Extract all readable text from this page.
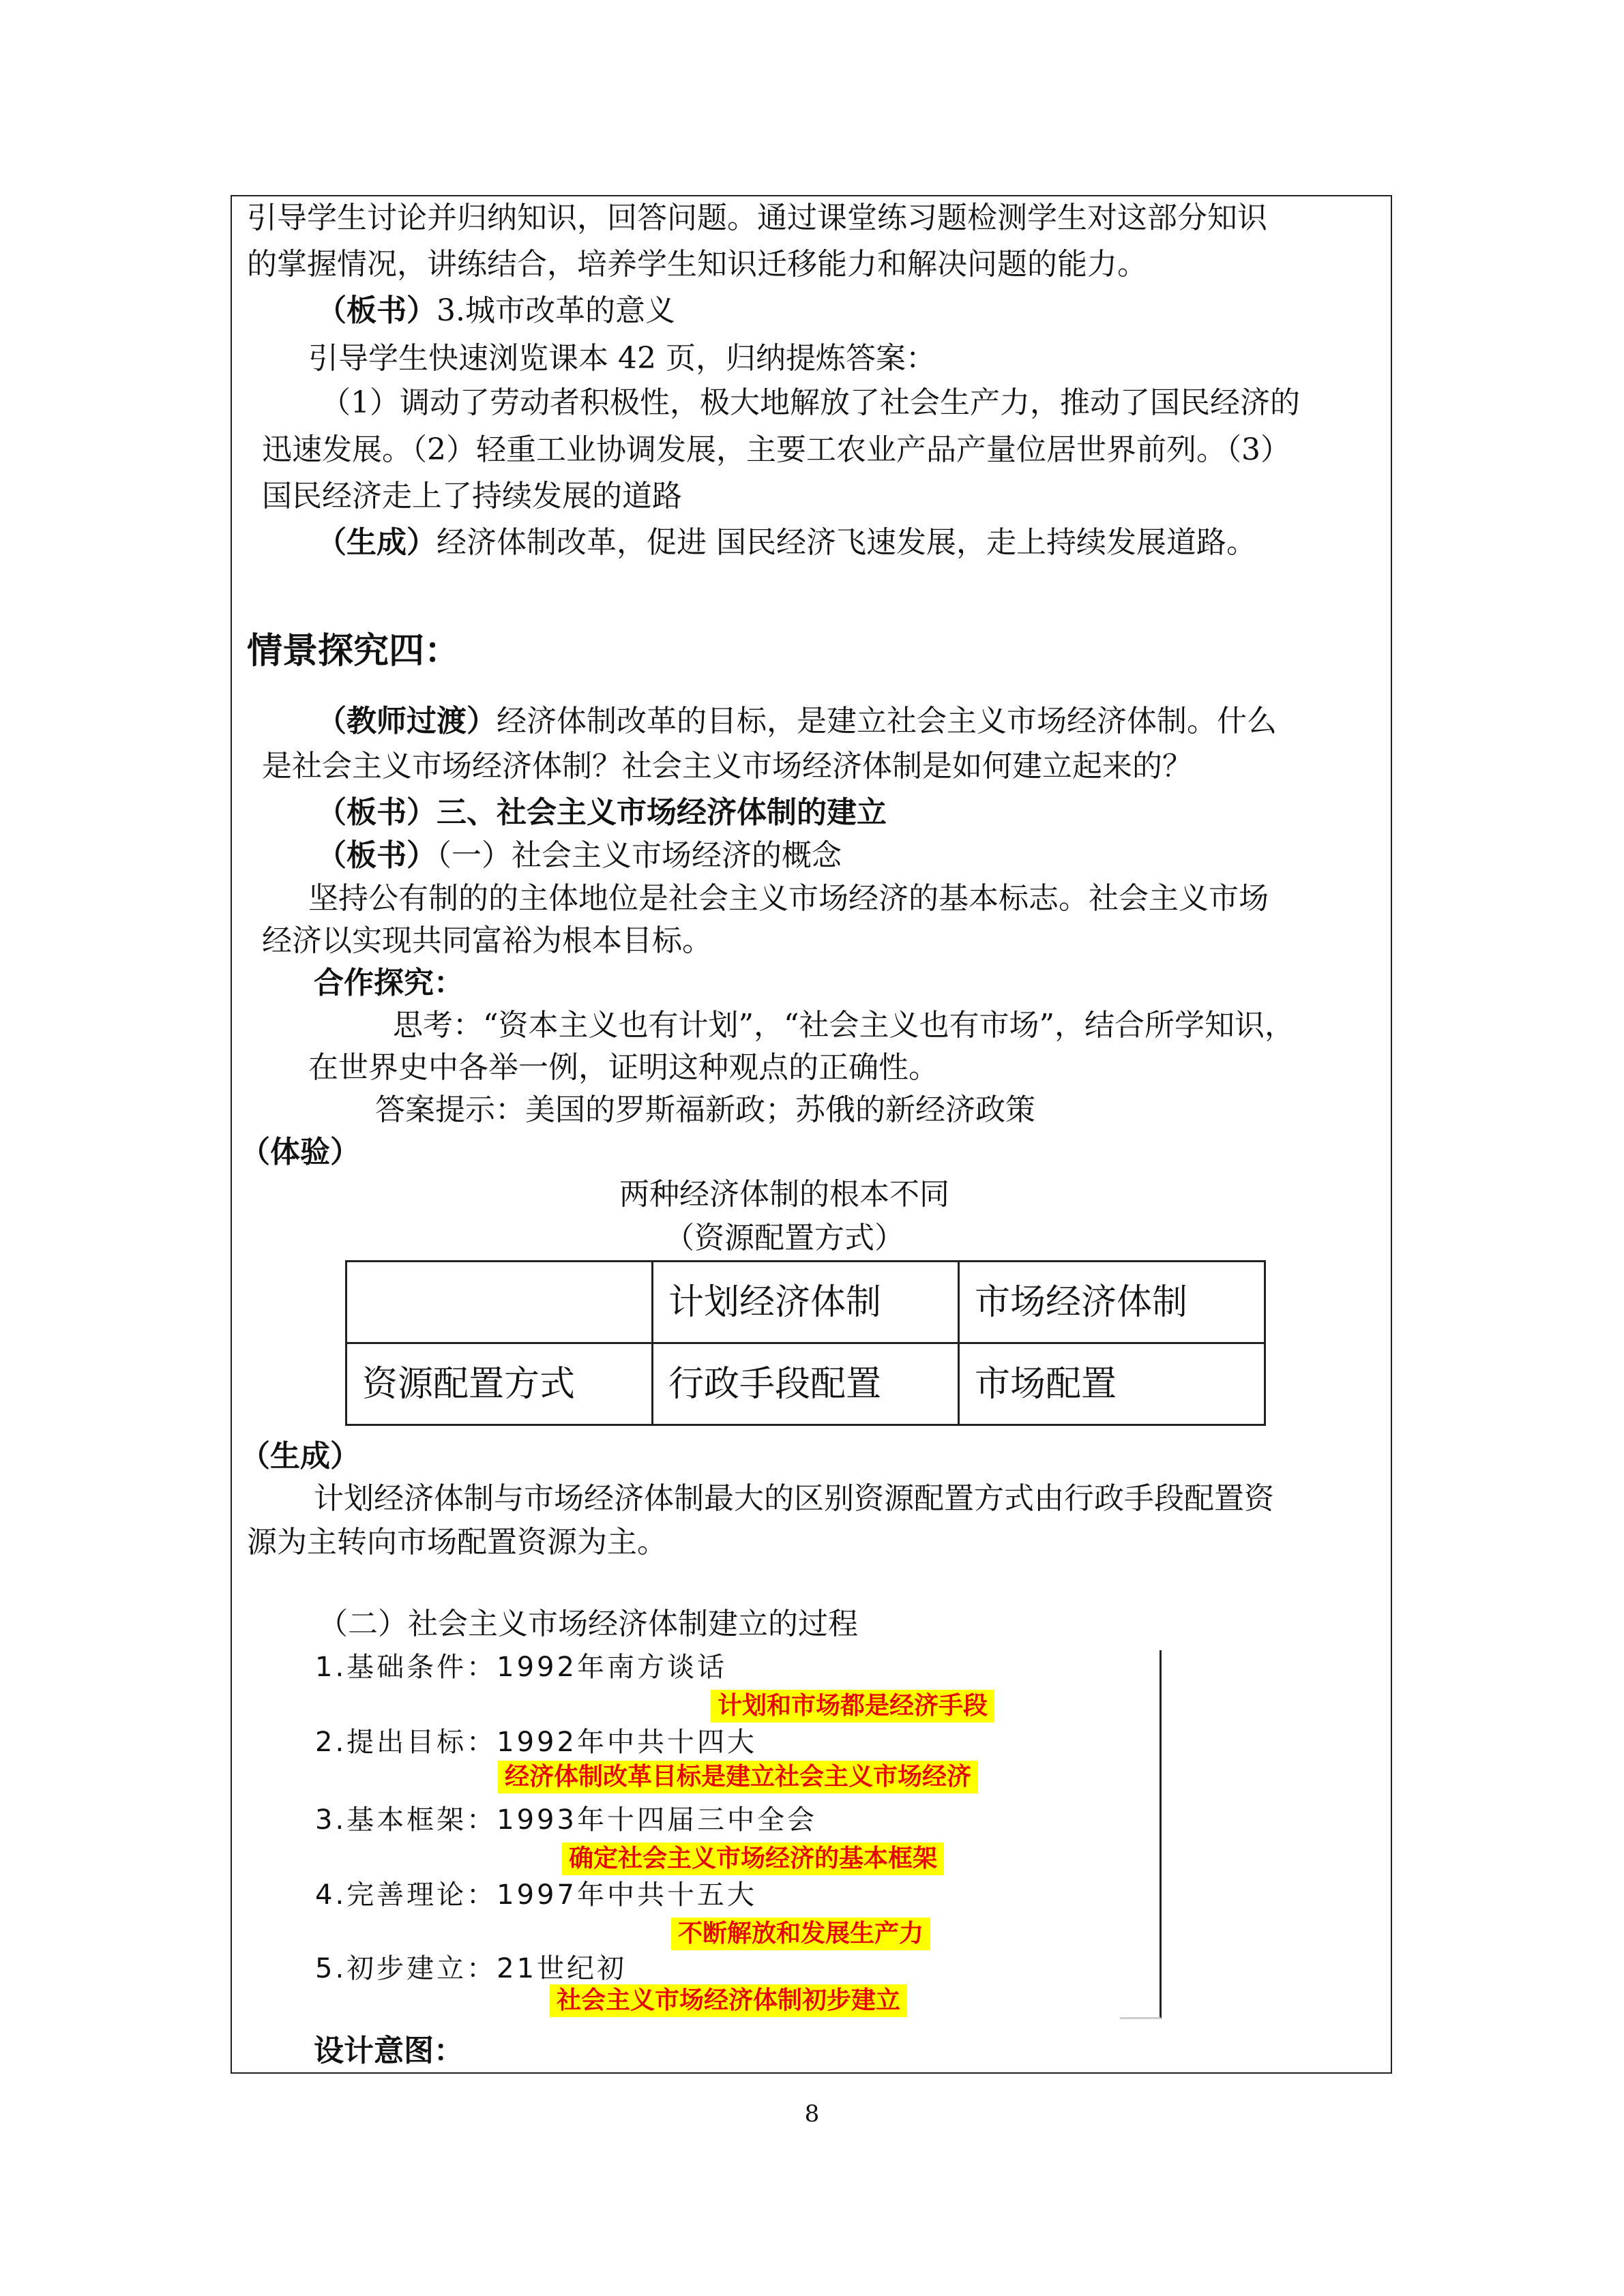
引导学生讨论并归纳知识，回答问题。通过课堂练习题检测学生对这部分知识
的掌握情况，讲练结合，培养学生知识迁移能力和解决问题的能力。
（板书）3.城市改革的意义
引导学生快速浏览课本 42 页，归纳提炼答案：
（1）调动了劳动者积极性，极大地解放了社会生产力，推动了国民经济的
迅速发展。（2）轻重工业协调发展，主要工农业产品产量位居世界前列。（3）
国民经济走上了持续发展的道路
（生成）经济体制改革，促进 国民经济飞速发展，走上持续发展道路。
情景探究四：
（教师过渡）经济体制改革的目标，是建立社会主义市场经济体制。什么
是社会主义市场经济体制？社会主义市场经济体制是如何建立起来的？
（板书）三、社会主义市场经济体制的建立
（板书）（一）社会主义市场经济的概念
坚持公有制的的主体地位是社会主义市场经济的基本标志。社会主义市场
经济以实现共同富裕为根本目标。
合作探究：
思考：“资本主义也有计划”，“社会主义也有市场”，结合所学知识，
在世界史中各举一例，证明这种观点的正确性。
答案提示：美国的罗斯福新政；苏俄的新经济政策
（体验）
两种经济体制的根本不同
（资源配置方式）
	计划经济体制	市场经济体制
资源配置方式	行政手段配置	市场配置
（生成）
计划经济体制与市场经济体制最大的区别资源配置方式由行政手段配置资
源为主转向市场配置资源为主。
（二）社会主义市场经济体制建立的过程
1.基础条件：1992年南方谈话
计划和市场都是经济手段
2.提出目标：1992年中共十四大
经济体制改革目标是建立社会主义市场经济
3.基本框架：1993年十四届三中全会
确定社会主义市场经济的基本框架
4.完善理论：1997年中共十五大
不断解放和发展生产力
5.初步建立：21世纪初
社会主义市场经济体制初步建立
设计意图：
8
